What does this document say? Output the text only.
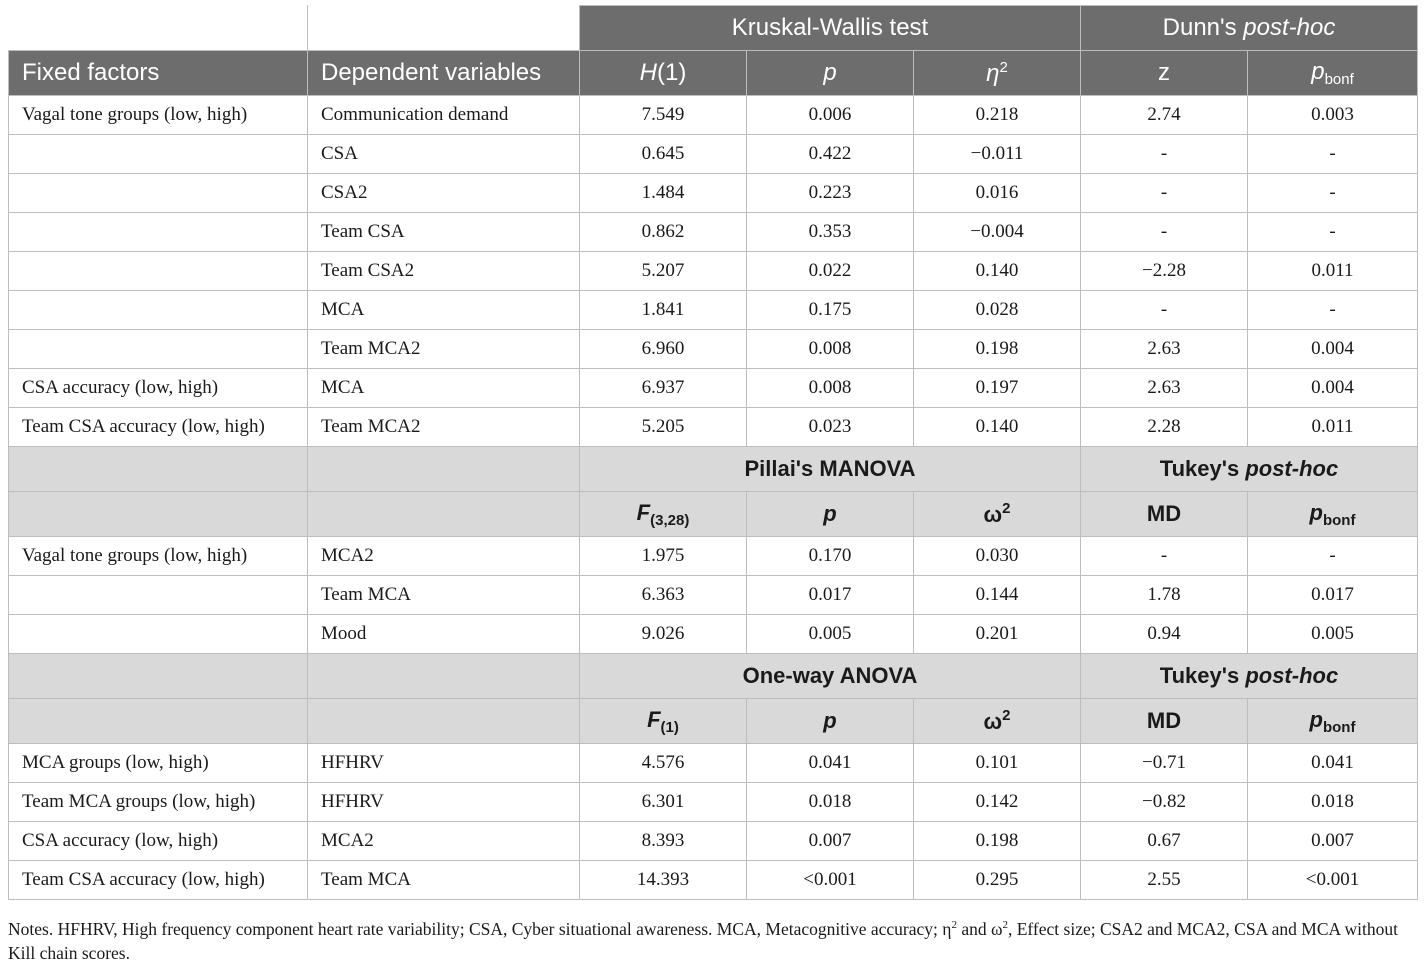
		Kruskal-Wallis test			Dunn's post-hoc	
Fixed factors	Dependent variables	H(1)	p	$\eta^2$	z	$p_{bonf}$
Vagal tone groups (low, high)	Communication demand	7.549	0.006	0.218	2.74	0.003
	CSA	0.645	0.422	−0.011	-	-
	CSA2	1.484	0.223	0.016	-	-
	Team CSA	0.862	0.353	−0.004	-	-
	Team CSA2	5.207	0.022	0.140	−2.28	0.011
	MCA	1.841	0.175	0.028	-	-
	Team MCA2	6.960	0.008	0.198	2.63	0.004
CSA accuracy (low, high)	MCA	6.937	0.008	0.197	2.63	0.004
Team CSA accuracy (low, high)	Team MCA2	5.205	0.023	0.140	2.28	0.011
		Pillai's MANOVA			Tukey's post-hoc	
		$F_{(3,28)}$	p	$\omega^2$	MD	$p_{bonf}$
Vagal tone groups (low, high)	MCA2	1.975	0.170	0.030	-	-
	Team MCA	6.363	0.017	0.144	1.78	0.017
	Mood	9.026	0.005	0.201	0.94	0.005
		One-way ANOVA			Tukey's post-hoc	
		$F_{(1)}$	p	$\omega^2$	MD	$p_{bonf}$
MCA groups (low, high)	HFHRV	4.576	0.041	0.101	−0.71	0.041
Team MCA groups (low, high)	HFHRV	6.301	0.018	0.142	−0.82	0.018
CSA accuracy (low, high)	MCA2	8.393	0.007	0.198	0.67	0.007
Team CSA accuracy (low, high)	Team MCA	14.393	<0.001	0.295	2.55	<0.001
Notes. HFHRV, High frequency component heart rate variability; CSA, Cyber situational awareness. MCA, Metacognitive accuracy; $\eta^2$ and $\omega^2$, Effect size; CSA2 and MCA2, CSA and MCA without Kill chain scores.
